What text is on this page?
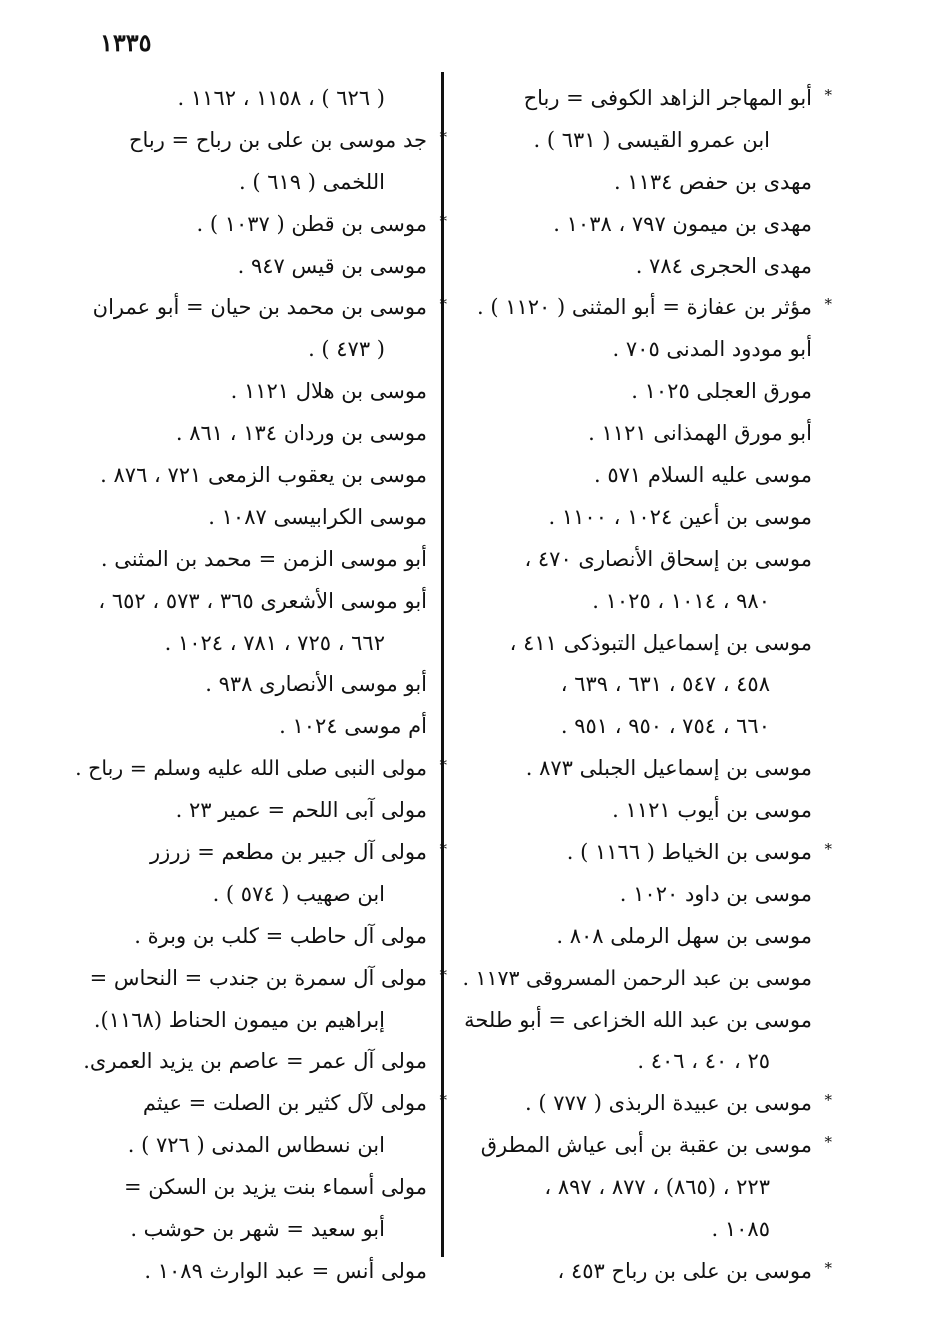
١٣٣٥
* أبو المهاجر الزاهد الكوفى = رباح
ابن عمرو القيسى ( ٦٣١ ) .
مهدى بن حفص ١١٣٤ .
مهدى بن ميمون ٧٩٧ ، ١٠٣٨ .
مهدى الحجرى ٧٨٤ .
* مؤثر بن عفازة = أبو المثنى ( ١١٢٠ ) .
أبو مودود المدنى ٧٠٥ .
مورق العجلى ١٠٢٥ .
أبو مورق الهمذانى ١١٢١ .
موسى عليه السلام ٥٧١ .
موسى بن أعين ١٠٢٤ ، ١١٠٠ .
موسى بن إسحاق الأنصارى ٤٧٠ ،
٩٨٠ ، ١٠١٤ ، ١٠٢٥ .
موسى بن إسماعيل التبوذكى ٤١١ ،
٤٥٨ ، ٥٤٧ ، ٦٣١ ، ٦٣٩ ،
٦٦٠ ، ٧٥٤ ، ٩٥٠ ، ٩٥١ .
موسى بن إسماعيل الجبلى ٨٧٣ .
موسى بن أيوب ١١٢١ .
* موسى بن الخياط ( ١١٦٦ ) .
موسى بن داود ١٠٢٠ .
موسى بن سهل الرملى ٨٠٨ .
موسى بن عبد الرحمن المسروقى ١١٧٣ .
موسى بن عبد الله الخزاعى = أبو طلحة
٢٥ ، ٤٠ ، ٤٠٦ .
* موسى بن عبيدة الربذى ( ٧٧٧ ) .
* موسى بن عقبة بن أبى عياش المطرق
٢٢٣ ، (٨٦٥) ، ٨٧٧ ، ٨٩٧ ،
١٠٨٥ .
* موسى بن على بن رباح ٤٥٣ ،
( ٦٢٦ ) ، ١١٥٨ ، ١١٦٢ .
* جد موسى بن على بن رباح = رباح
اللخمى ( ٦١٩ ) .
* موسى بن قطن ( ١٠٣٧ ) .
موسى بن قيس ٩٤٧ .
* موسى بن محمد بن حيان = أبو عمران
( ٤٧٣ ) .
موسى بن هلال ١١٢١ .
موسى بن وردان ١٣٤ ، ٨٦١ .
موسى بن يعقوب الزمعى ٧٢١ ، ٨٧٦ .
موسى الكرابيسى ١٠٨٧ .
أبو موسى الزمن = محمد بن المثنى .
أبو موسى الأشعرى ٣٦٥ ، ٥٧٣ ، ٦٥٢ ،
٦٦٢ ، ٧٢٥ ، ٧٨١ ، ١٠٢٤ .
أبو موسى الأنصارى ٩٣٨ .
أم موسى ١٠٢٤ .
* مولى النبى صلى الله عليه وسلم = رباح .
مولى آبى اللحم = عمير ٢٣ .
* مولى آل جبير بن مطعم = زرزر
ابن صهيب ( ٥٧٤ ) .
مولى آل حاطب = كلب بن وبرة .
* مولى آل سمرة بن جندب = النحاس =
إبراهيم بن ميمون الحناط (١١٦٨).
مولى آل عمر = عاصم بن يزيد العمرى.
* مولى لآل كثير بن الصلت = عيثم
ابن نسطاس المدنى ( ٧٢٦ ) .
مولى أسماء بنت يزيد بن السكن =
أبو سعيد = شهر بن حوشب .
مولى أنس = عبد الوارث ١٠٨٩ .
